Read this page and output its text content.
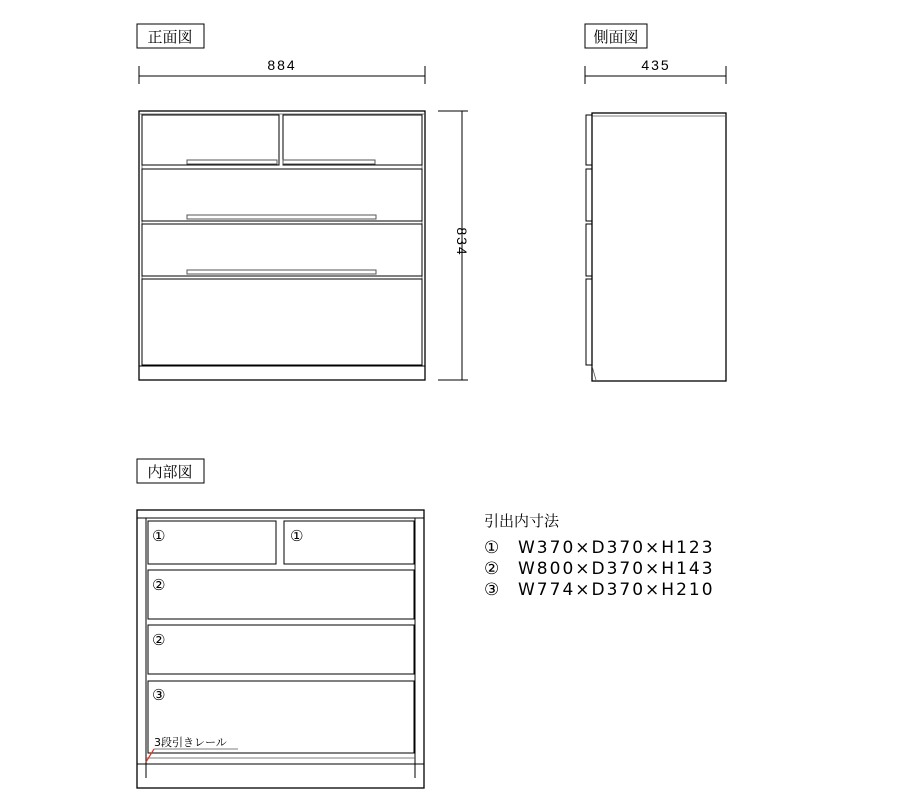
正面図
884
834
側面図
435
内部図
①	①
②
②
③
3段引きレール
引出内寸法
① W370×D370×H123
② W800×D370×H143
③ W774×D370×H210
